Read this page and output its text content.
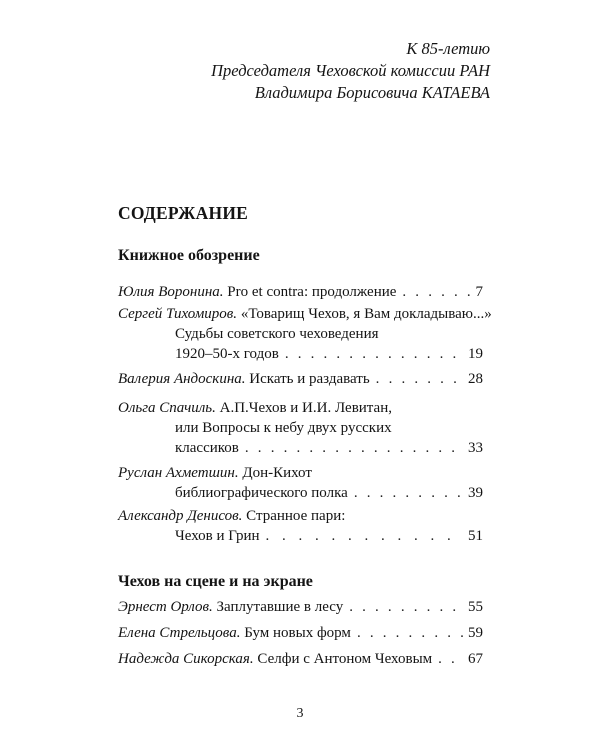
К 85-летию
Председателя Чеховской комиссии РАН
Владимира Борисовича КАТАЕВА
СОДЕРЖАНИЕ
Книжное обозрение
Юлия Воронина.
Pro et contra: продолжение . . .	7
Сергей Тихомиров.
«Товарищ Чехов, я Вам докладываю...»
Судьбы советского чеховедения
1920–50-х годов . . .	19
Валерия Андоскина.
Искать и раздавать . . .	28
Ольга Спачиль.
А.П.Чехов и И.И. Левитан,
или Вопросы к небу двух русских
классиков . . .	33
Руслан Ахметшин.
Дон-Кихот
библиографического полка . . .	39
Александр Денисов.
Странное пари:
Чехов и Грин . . .	51
Чехов на сцене и на экране
Эрнест Орлов.
Заплутавшие в лесу . . .	55
Елена Стрельцова.
Бум новых форм . . .	59
Надежда Сикорская.
Селфи с Антоном Чеховым . . . 67
3
